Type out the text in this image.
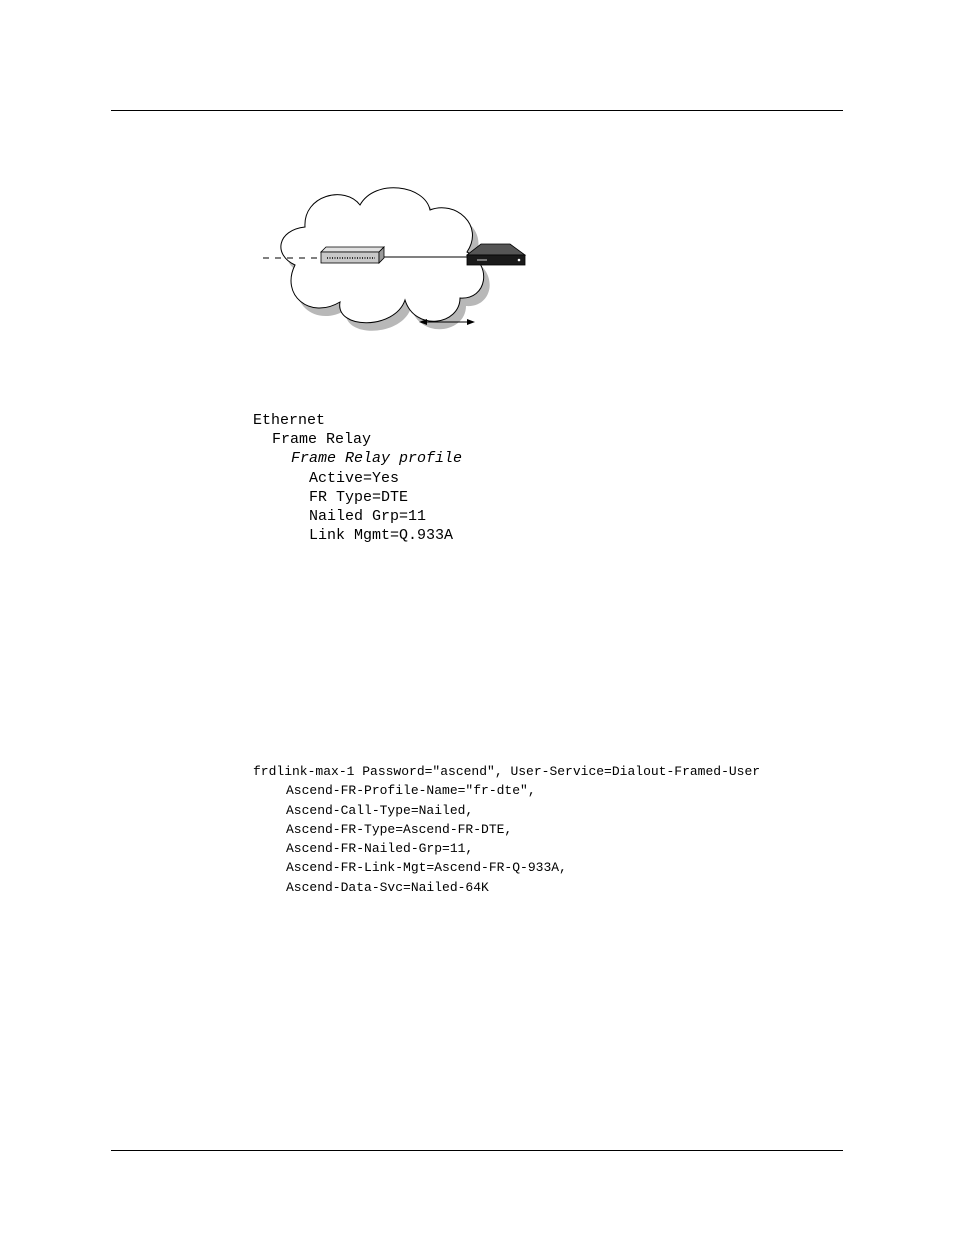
Ethernet
Frame Relay
Frame Relay profile
Active=Yes
FR Type=DTE
Nailed Grp=11
Link Mgmt=Q.933A
frdlink-max-1 Password="ascend", User-Service=Dialout-Framed-User
Ascend-FR-Profile-Name="fr-dte",
Ascend-Call-Type=Nailed,
Ascend-FR-Type=Ascend-FR-DTE,
Ascend-FR-Nailed-Grp=11,
Ascend-FR-Link-Mgt=Ascend-FR-Q-933A,
Ascend-Data-Svc=Nailed-64K
